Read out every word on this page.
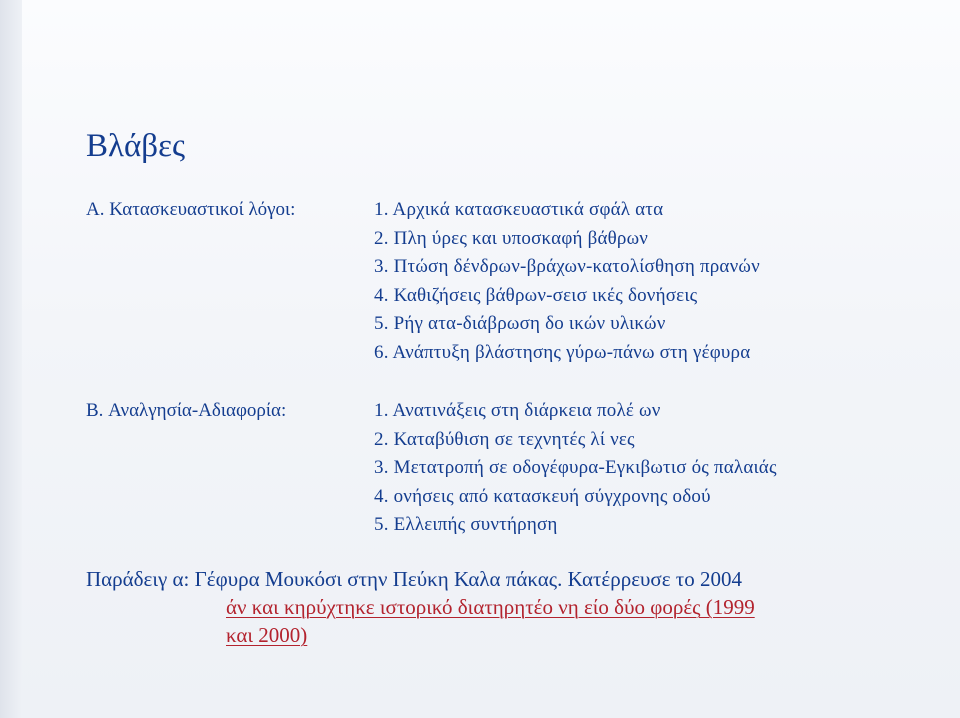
Βλάβες
A. Κατασκευαστικοί λόγοι:	1. Αρχικά κατασκευαστικά σφάλ ατα
2. Πλη ύρες και υποσκαφή βάθρων
3. Πτώση δένδρων-βράχων-κατολίσθηση πρανών
4. Καθιζήσεις βάθρων-σεισ ικές δονήσεις
5. Ρήγ ατα-διάβρωση δο ικών υλικών
6. Ανάπτυξη βλάστησης γύρω-πάνω στη γέφυρα
B. Αναλγησία-Αδιαφορία:	1. Ανατινάξεις στη διάρκεια πολέ ων
2. Καταβύθιση σε τεχνητές λί νες
3. Μετατροπή σε οδογέφυρα-Εγκιβωτισ ός παλαιάς
4. ονήσεις από κατασκευή σύγχρονης οδού
5. Ελλειπής συντήρηση
Παράδειγ α: Γέφυρα Μουκόσι στην Πεύκη Καλα πάκας. Κατέρρευσε το 2004
άν και κηρύχτηκε ιστορικό διατηρητέο νη είο δύο φορές (1999
και 2000)
